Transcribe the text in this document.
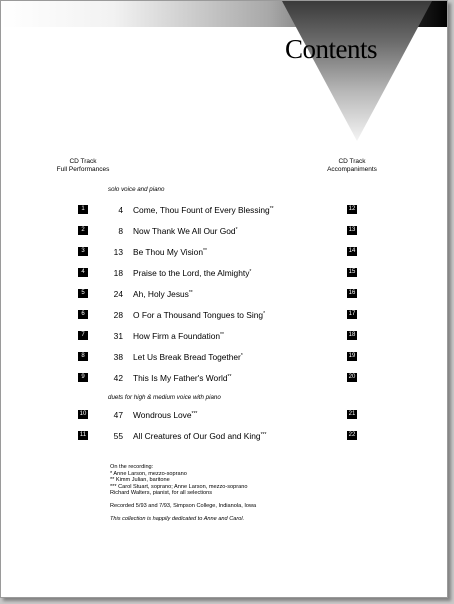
Contents
CD Track
Full Performances
CD Track
Accompaniments
solo voice and piano
1	4 Come, Thou Fount of Every Blessing**	12
2	8 Now Thank We All Our God*	13
3	13 Be Thou My Vision**	14
4	18 Praise to the Lord, the Almighty*	15
5	24 Ah, Holy Jesus**	16
6	28 O For a Thousand Tongues to Sing*	17
7	31 How Firm a Foundation**	18
8	38 Let Us Break Bread Together*	19
9	42 This Is My Father's World**	20
duets for high & medium voice with piano
10	47 Wondrous Love***	21
11	55 All Creatures of Our God and King***	22
On the recording:
* Anne Larson, mezzo-soprano
** Kimm Julian, baritone
*** Carol Stuart, soprano; Anne Larson, mezzo-soprano
Richard Walters, pianist, for all selections
Recorded 5/93 and 7/93, Simpson College, Indianola, Iowa
This collection is happily dedicated to Anne and Carol.
